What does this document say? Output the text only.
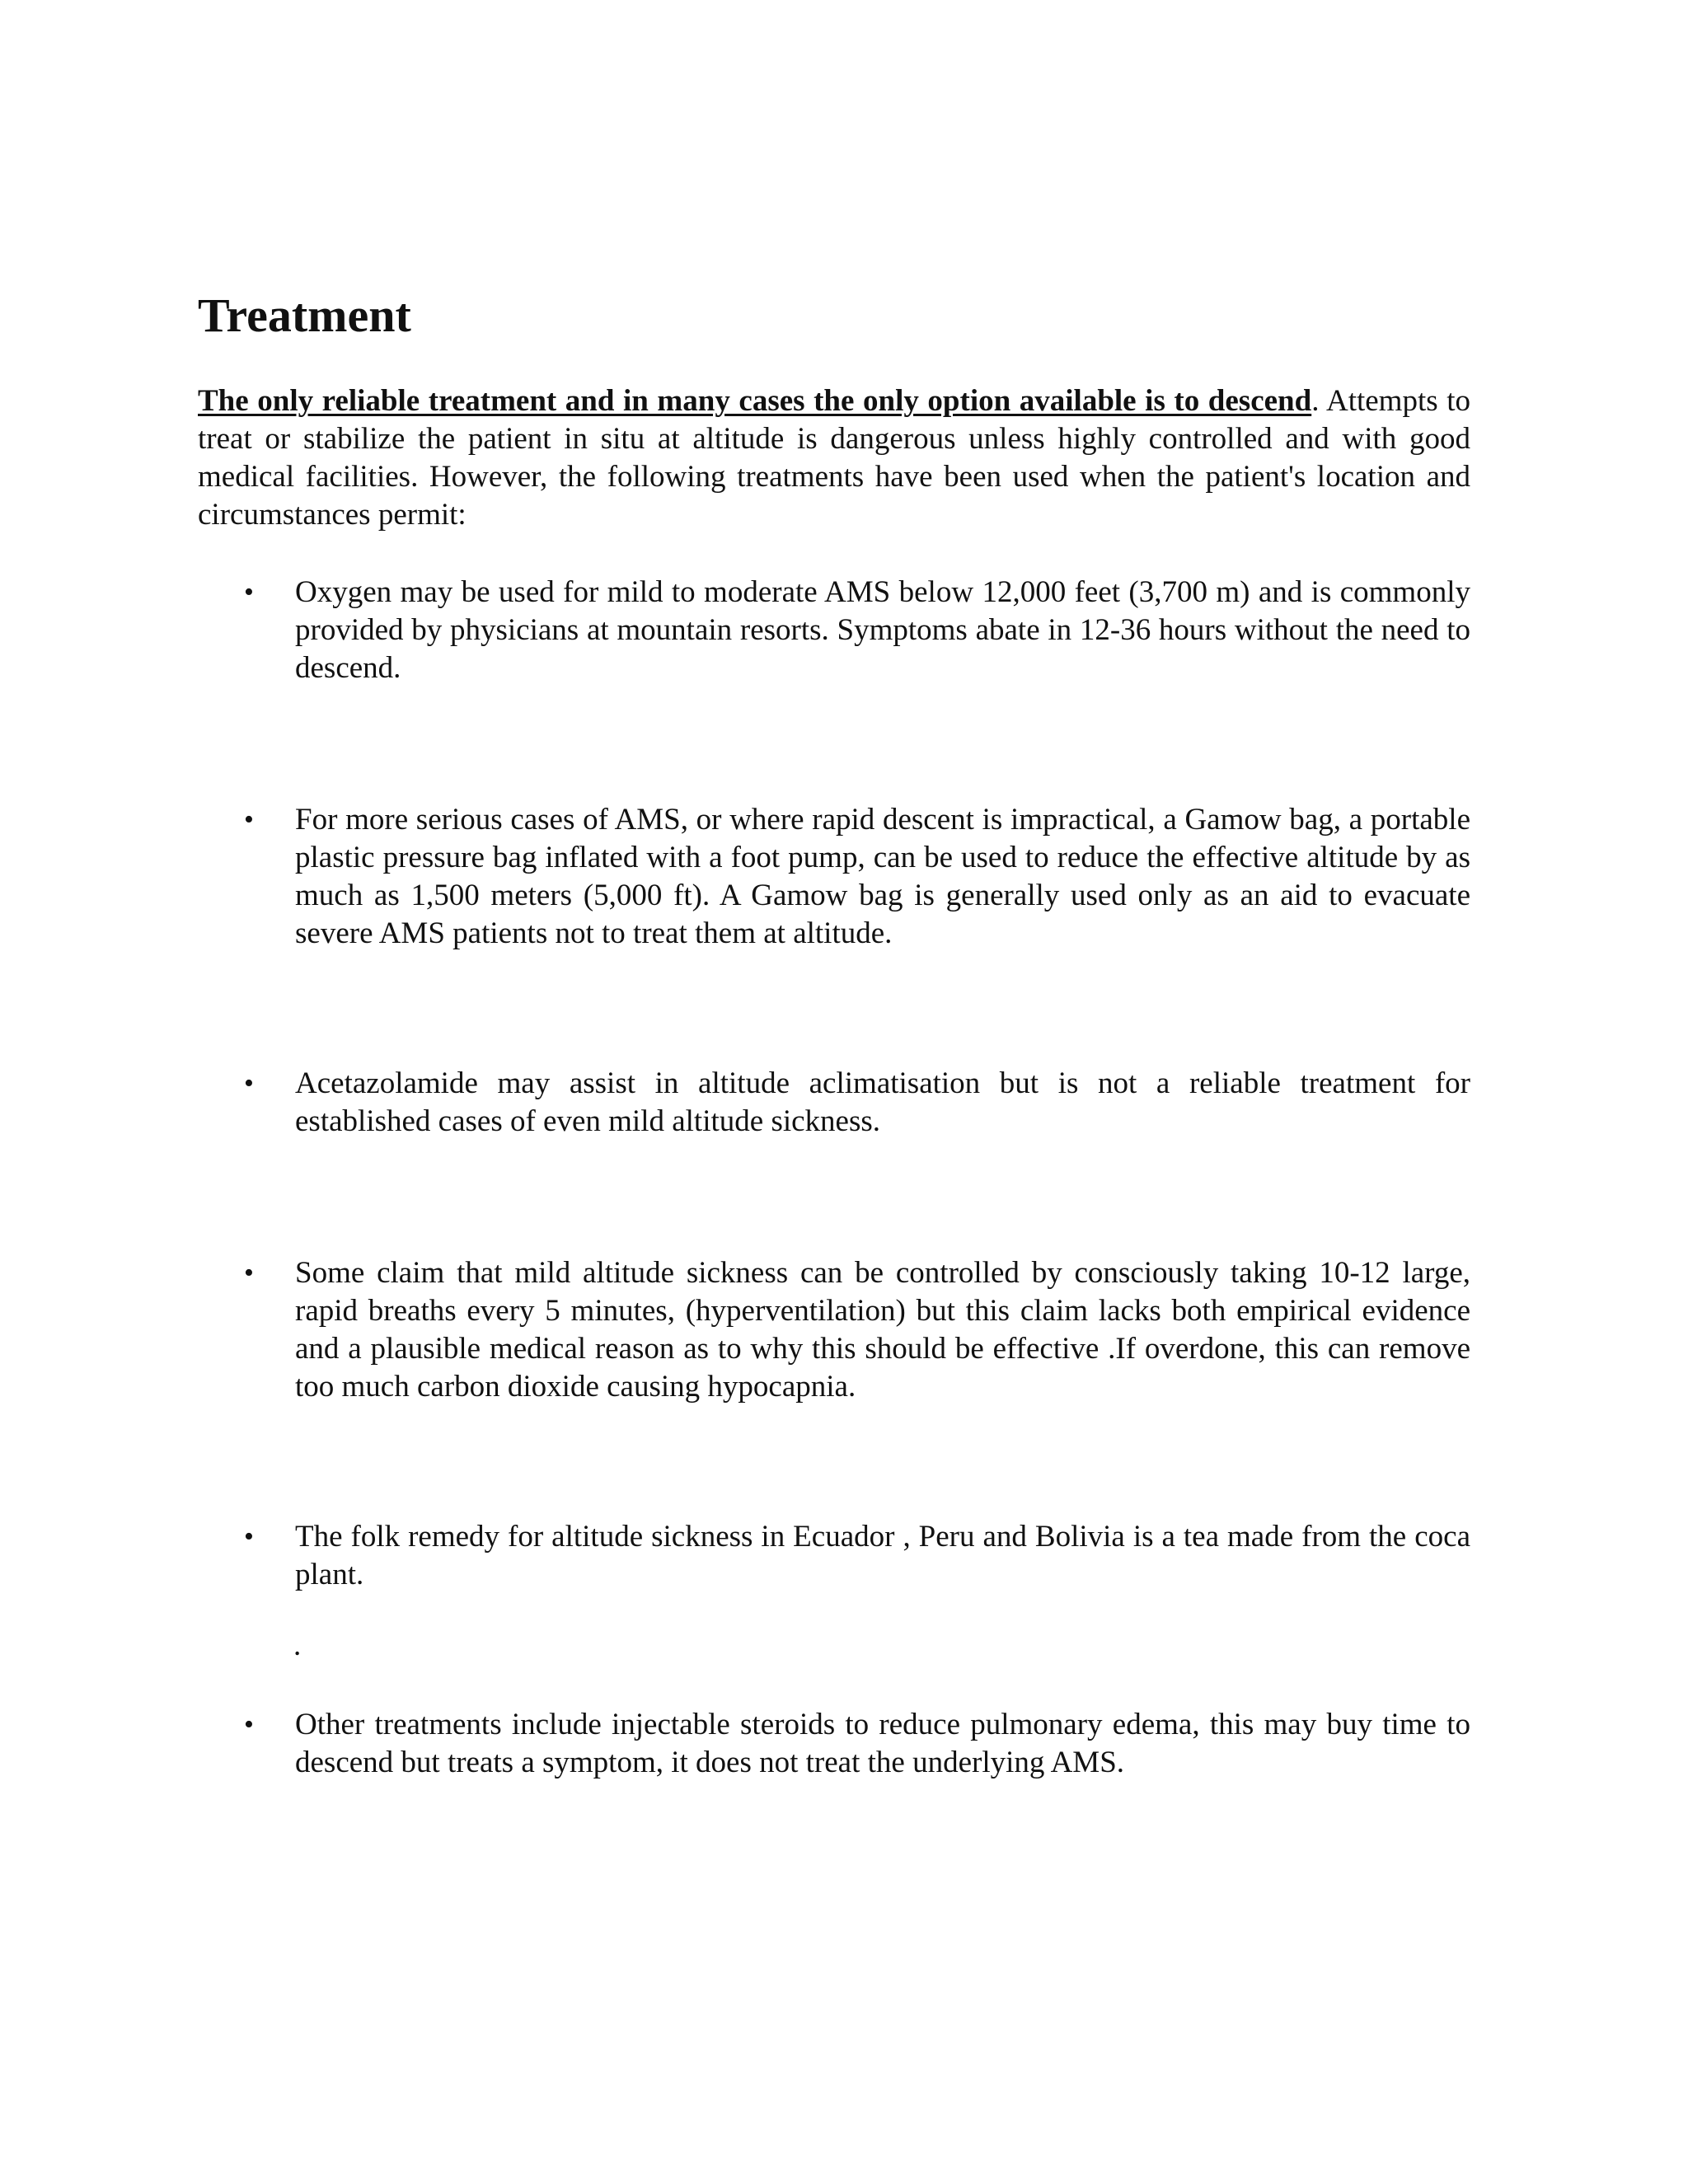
Treatment

The only reliable treatment and in many cases the only option available is to descend. Attempts to treat or stabilize the patient in situ at altitude is dangerous unless highly controlled and with good medical facilities. However, the following treatments have been used when the patient's location and circumstances permit:

• Oxygen may be used for mild to moderate AMS below 12,000 feet (3,700 m) and is commonly provided by physicians at mountain resorts. Symptoms abate in 12-36 hours without the need to descend.

• For more serious cases of AMS, or where rapid descent is impractical, a Gamow bag, a portable plastic pressure bag inflated with a foot pump, can be used to reduce the effective altitude by as much as 1,500 meters (5,000 ft). A Gamow bag is generally used only as an aid to evacuate severe AMS patients not to treat them at altitude.

• Acetazolamide may assist in altitude aclimatisation but is not a reliable treatment for established cases of even mild altitude sickness.

• Some claim that mild altitude sickness can be controlled by consciously taking 10-12 large, rapid breaths every 5 minutes, (hyperventilation) but this claim lacks both empirical evidence and a plausible medical reason as to why this should be effective .If overdone, this can remove too much carbon dioxide causing hypocapnia.

• The folk remedy for altitude sickness in Ecuador , Peru and Bolivia is a tea made from the coca plant.

• Other treatments include injectable steroids to reduce pulmonary edema, this may buy time to descend but treats a symptom, it does not treat the underlying AMS.

.
